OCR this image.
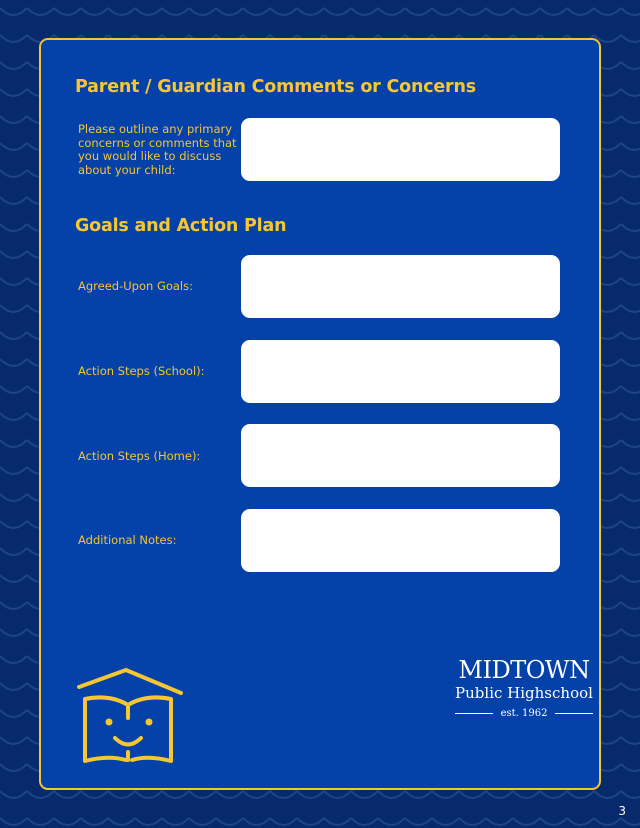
Parent / Guardian Comments or Concerns
Please outline any primary concerns or comments that you would like to discuss about your child:
Goals and Action Plan
Agreed-Upon Goals:
Action Steps (School):
Action Steps (Home):
Additional Notes:
MIDTOWN
Public Highschool
est. 1962
3
